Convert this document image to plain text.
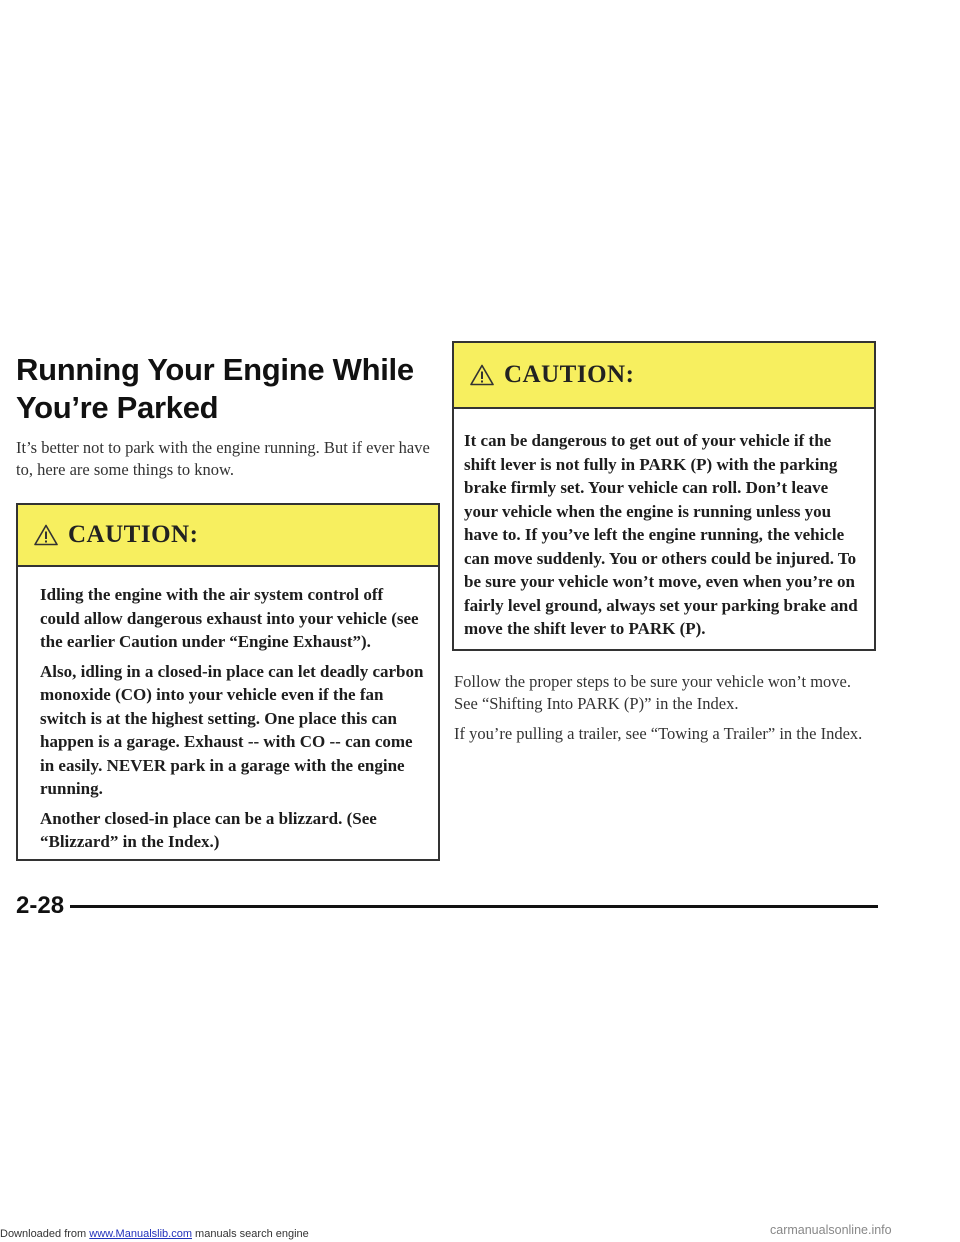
Running Your Engine While
You’re Parked

It’s better not to park with the engine running. But if ever have to, here are some things to know.

CAUTION:

Idling the engine with the air system control off could allow dangerous exhaust into your vehicle (see the earlier Caution under “Engine Exhaust”).

Also, idling in a closed-in place can let deadly carbon monoxide (CO) into your vehicle even if the fan switch is at the highest setting. One place this can happen is a garage. Exhaust -- with CO -- can come in easily. NEVER park in a garage with the engine running.

Another closed-in place can be a blizzard. (See “Blizzard” in the Index.)

CAUTION:

It can be dangerous to get out of your vehicle if the shift lever is not fully in PARK (P) with the parking brake firmly set. Your vehicle can roll. Don’t leave your vehicle when the engine is running unless you have to. If you’ve left the engine running, the vehicle can move suddenly. You or others could be injured. To be sure your vehicle won’t move, even when you’re on fairly level ground, always set your parking brake and move the shift lever to PARK (P).

Follow the proper steps to be sure your vehicle won’t move. See “Shifting Into PARK (P)” in the Index.

If you’re pulling a trailer, see “Towing a Trailer” in the Index.

2-28
Downloaded from www.Manualslib.com manuals search engine	carmanualsonline.info
